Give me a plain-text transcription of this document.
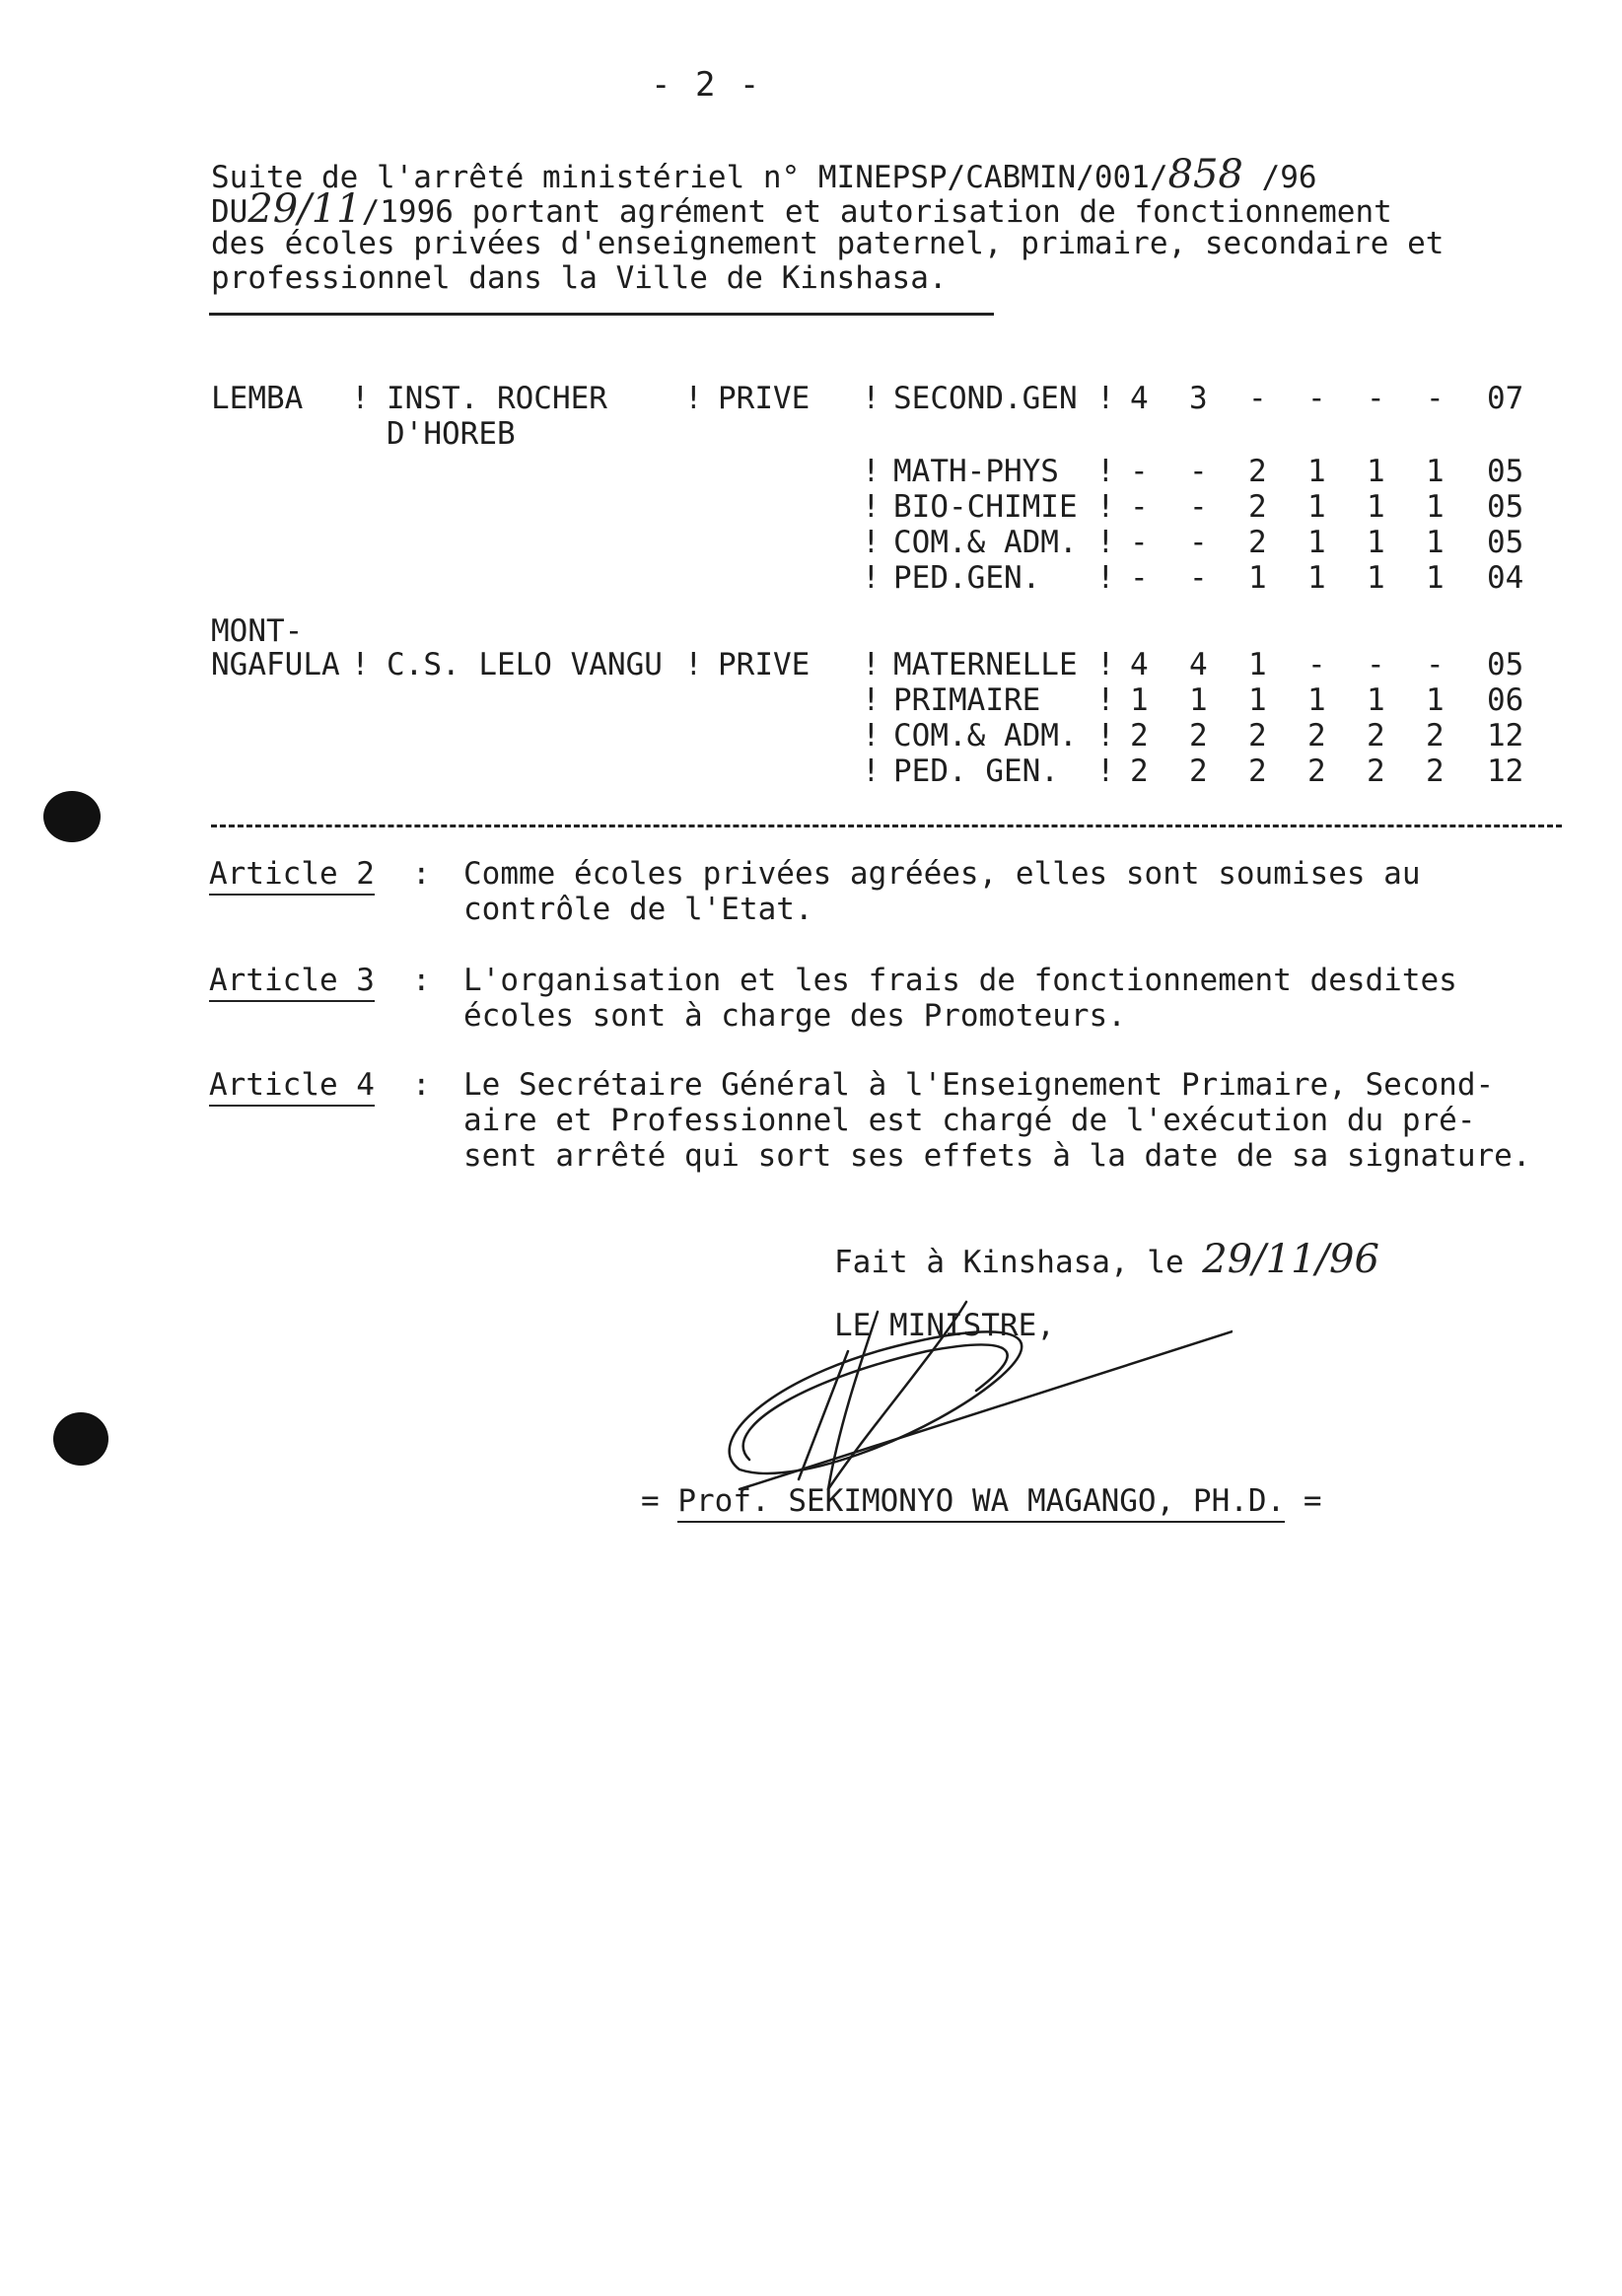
- 2 -
Suite de l'arrêté ministériel n° MINEPSP/CABMIN/001/858 /96
DU29/11/1996 portant agrément et autorisation de fonctionnement
des écoles privées d'enseignement paternel, primaire, secondaire et
professionnel dans la Ville de Kinshasa.
LEMBA ! INST. ROCHER	! PRIVE ! SECOND.GEN ! 4 3 - - - - 07
D'HOREB
! MATH-PHYS ! - - 2 1 1 1 05
! BIO-CHIMIE ! - - 2 1 1 1 05
! COM.& ADM. ! - - 2 1 1 1 05
! PED.GEN. ! - - 1 1 1 1 04
MONT-
NGAFULA ! C.S. LELO VANGU ! PRIVE ! MATERNELLE ! 4 4 1 - - - 05
! PRIMAIRE ! 1 1 1 1 1 1 06
! COM.& ADM. ! 2 2 2 2 2 2 12
! PED. GEN. ! 2 2 2 2 2 2 12
Article 2 : Comme écoles privées agréées, elles sont soumises au
contrôle de l'Etat.
Article 3 : L'organisation et les frais de fonctionnement desdites
écoles sont à charge des Promoteurs.
Article 4 : Le Secrétaire Général à l'Enseignement Primaire, Second-
aire et Professionnel est chargé de l'exécution du pré-
sent arrêté qui sort ses effets à la date de sa signature.
Fait à Kinshasa, le 29/11/96
LE MINISTRE,
= Prof. SEKIMONYO WA MAGANGO, PH.D. =
